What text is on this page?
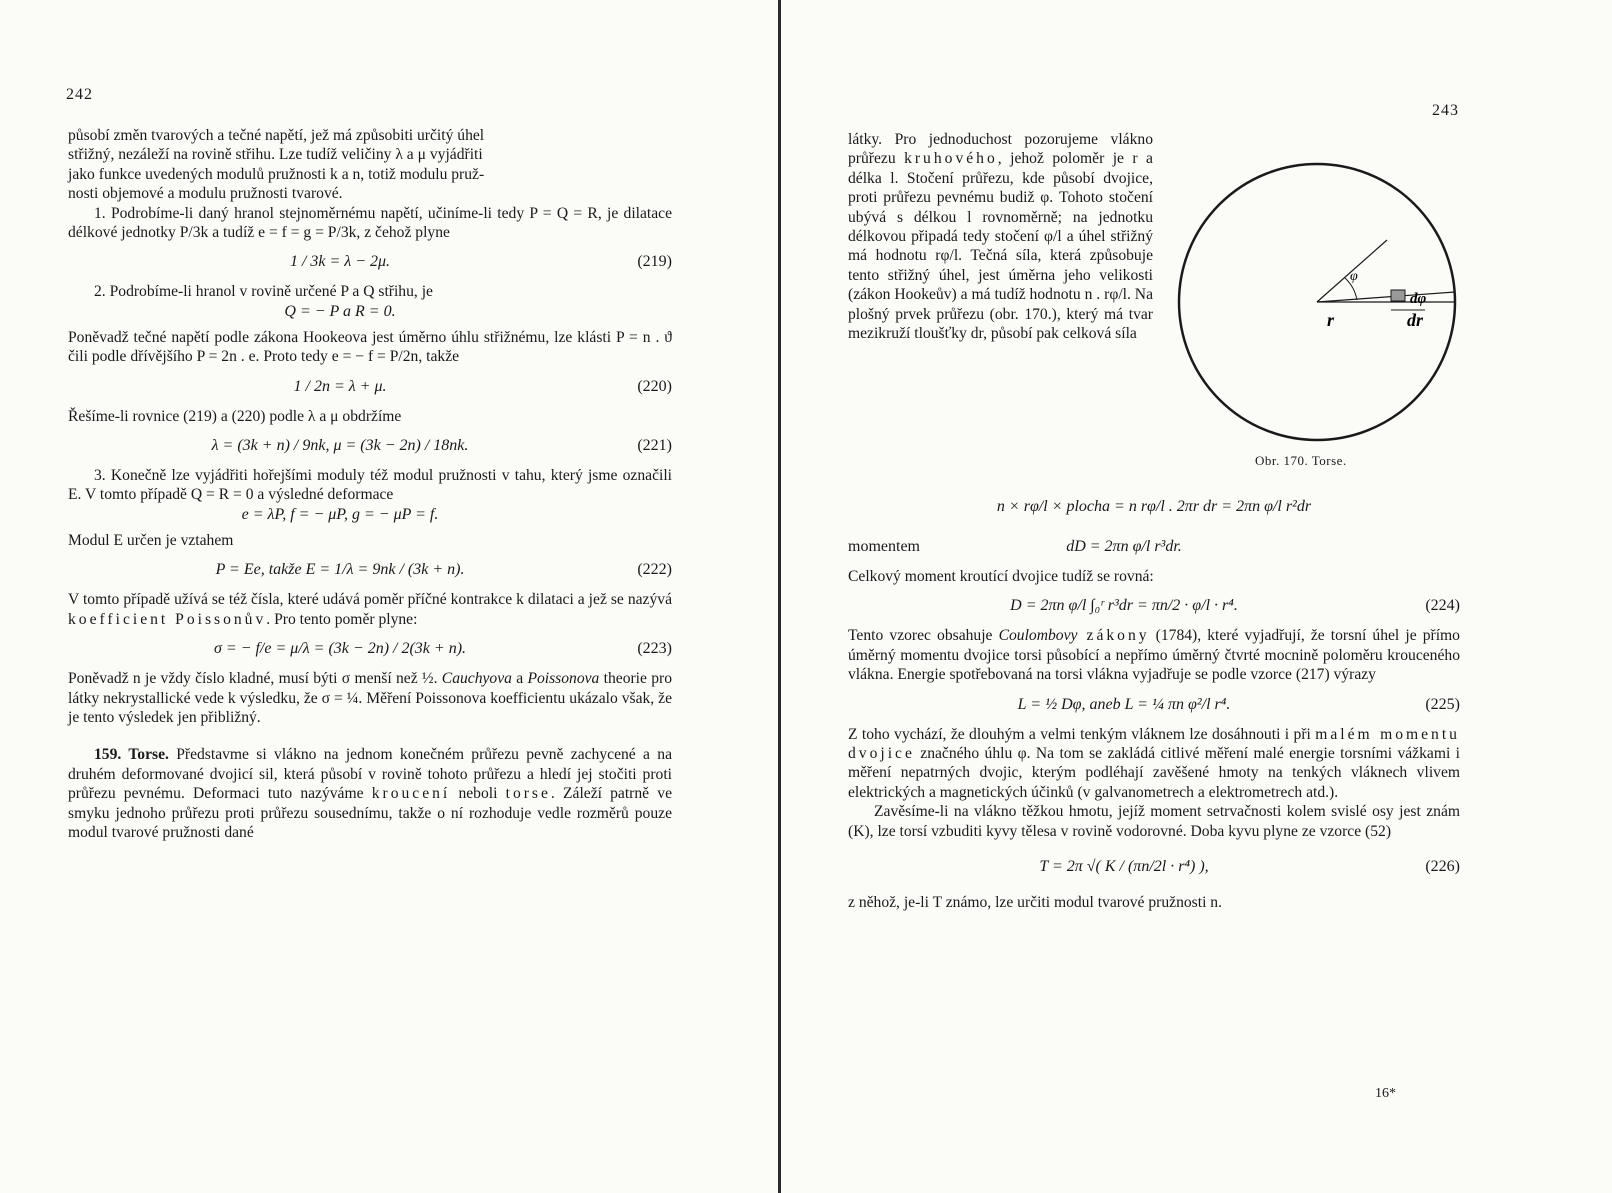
242

působí změn tvarových a tečné napětí, jež má způsobiti určitý úhel

střižný, nezáleží na rovině střihu. Lze tudíž veličiny λ a μ vyjádřiti

jako funkce uvedených modulů pružnosti k a n, totiž modulu pruž-

nosti objemové a modulu pružnosti tvarové.

1. Podrobíme-li daný hranol stejnoměrnému napětí, učiníme-li tedy P = Q = R, je dilatace délkové jednotky P/3k a tudíž e = f = g = P/3k, z čehož plyne

1 / 3k = λ − 2μ.	(219)

2. Podrobíme-li hranol v rovině určené P a Q střihu, je

Q = − P a R = 0.

Poněvadž tečné napětí podle zákona Hookeova jest úměrno úhlu střižnému, lze klásti P = n . ϑ čili podle dřívějšího P = 2n . e. Proto tedy e = − f = P/2n, takže

1 / 2n = λ + μ.	(220)

Řešíme-li rovnice (219) a (220) podle λ a μ obdržíme

λ = (3k + n) / 9nk, μ = (3k − 2n) / 18nk.	(221)

3. Konečně lze vyjádřiti hořejšími moduly též modul pružnosti v tahu, který jsme označili E. V tomto případě Q = R = 0 a výsledné deformace

e = λP, f = − μP, g = − μP = f.

Modul E určen je vztahem

P = Ee, takže E = 1/λ = 9nk / (3k + n).	(222)

V tomto případě užívá se též čísla, které udává poměr příčné kontrakce k dilataci a jež se nazývá koefficient Poissonův. Pro tento poměr plyne:

σ = − f/e = μ/λ = (3k − 2n) / 2(3k + n).	(223)

Poněvadž n je vždy číslo kladné, musí býti σ menší než ½. Cauchyova a Poissonova theorie pro látky nekrystallické vede k výsledku, že σ = ¼. Měření Poissonova koefficientu ukázalo však, že je tento výsledek jen přibližný.

159. Torse. Představme si vlákno na jednom konečném průřezu pevně zachycené a na druhém deformované dvojicí sil, která působí v rovině tohoto průřezu a hledí jej stočiti proti průřezu pevnému. Deformaci tuto nazýváme kroucení neboli torse. Záleží patrně ve smyku jednoho průřezu proti průřezu sousednímu, takže o ní rozhoduje vedle rozměrů pouze modul tvarové pružnosti dané

243

látky. Pro jednoduchost pozorujeme vlákno průřezu kruhového, jehož poloměr je r a délka l. Stočení průřezu, kde působí dvojice, proti průřezu pevnému budiž φ. Tohoto stočení ubývá s délkou l rovnoměrně; na jednotku délkovou připadá tedy stočení φ/l a úhel střižný má hodnotu rφ/l. Tečná síla, která způsobuje tento střižný úhel, jest úměrna jeho velikosti (zákon Hookeův) a má tudíž hodnotu n . rφ/l. Na plošný prvek průřezu (obr. 170.), který má tvar mezikruží tloušťky dr, působí pak celková síla

φ
r	dr
dφ
Obr. 170. Torse.
n × rφ/l × plocha = n rφ/l . 2πr dr = 2πn φ/l r²dr
momentem	dD = 2πn φ/l r³dr.

Celkový moment kroutící dvojice tudíž se rovná:

D = 2πn φ/l ∫₀ʳ r³dr = πn/2 · φ/l · r⁴.	(224)

Tento vzorec obsahuje Coulombovy zákony (1784), které vyjadřují, že torsní úhel je přímo úměrný momentu dvojice torsi působící a nepřímo úměrný čtvrté mocnině poloměru krouceného vlákna. Energie spotřebovaná na torsi vlákna vyjadřuje se podle vzorce (217) výrazy

L = ½ Dφ, aneb L = ¼ πn φ²/l r⁴.	(225)

Z toho vychází, že dlouhým a velmi tenkým vláknem lze dosáhnouti i při malém momentu dvojice značného úhlu φ. Na tom se zakládá citlivé měření malé energie torsními vážkami i měření nepatrných dvojic, kterým podléhají zavěšené hmoty na tenkých vláknech vlivem elektrických a magnetických účinků (v galvanometrech a elektrometrech atd.).

Zavěsíme-li na vlákno těžkou hmotu, jejíž moment setrvačnosti kolem svislé osy jest znám (K), lze torsí vzbuditi kyvy tělesa v rovině vodorovné. Doba kyvu plyne ze vzorce (52)

T = 2π √( K / (πn/2l · r⁴) ),	(226)

z něhož, je-li T známo, lze určiti modul tvarové pružnosti n.

16*
